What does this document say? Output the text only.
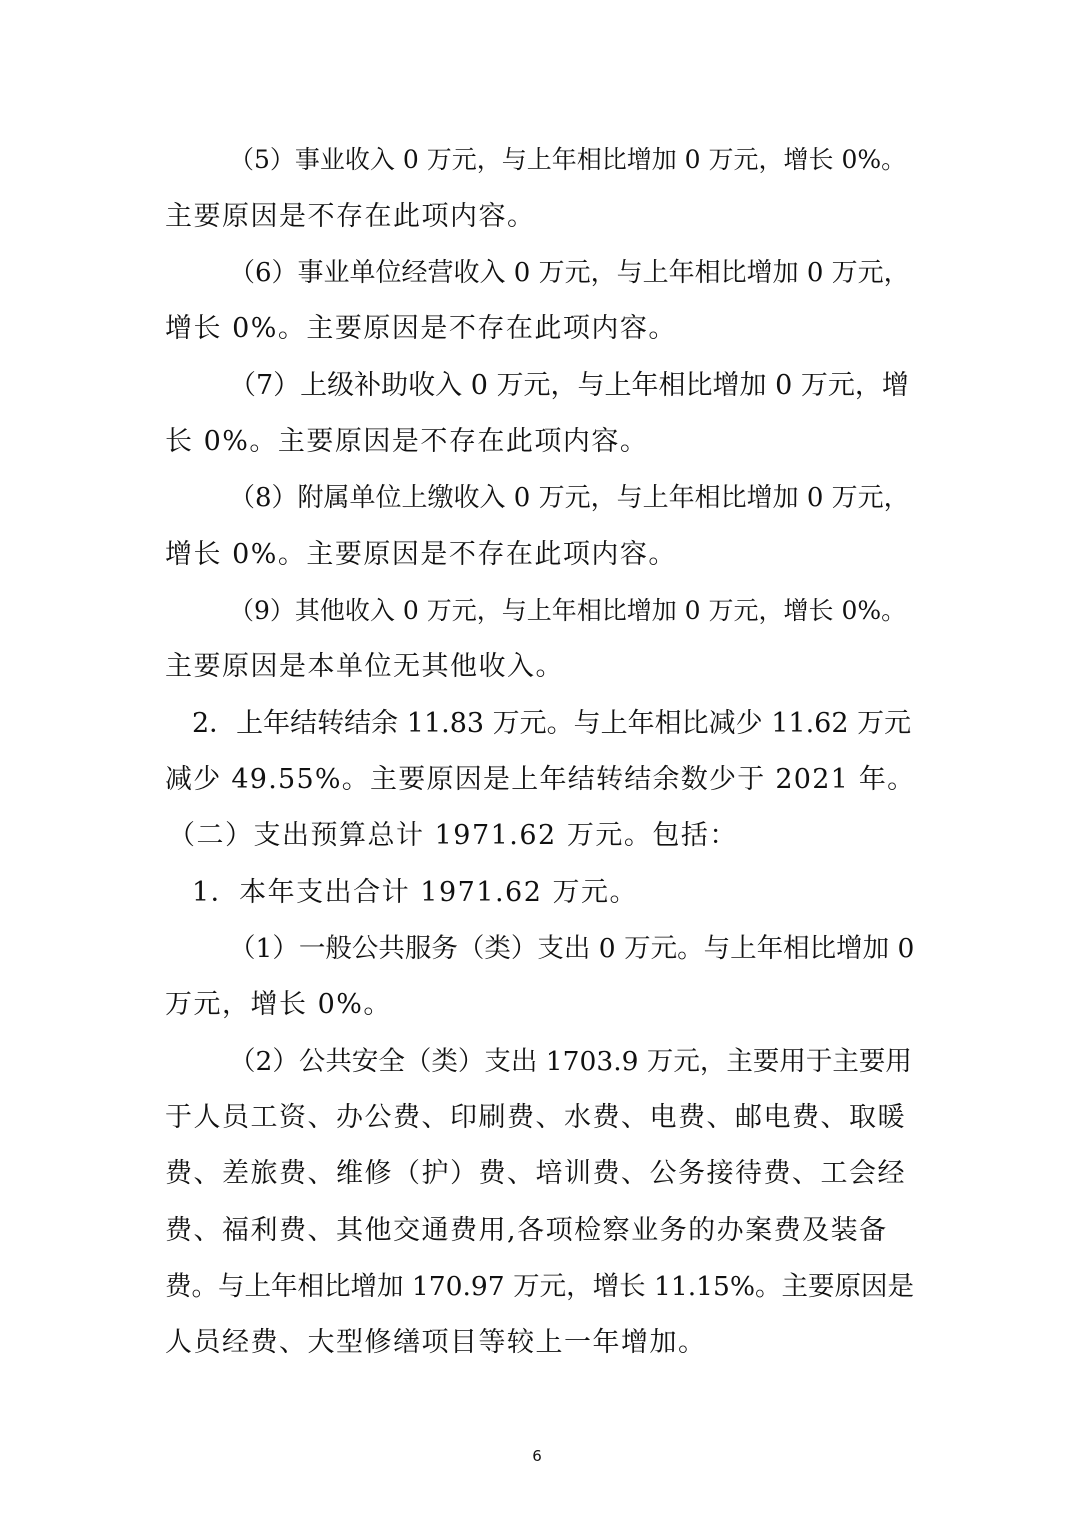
（5）事业收入 0 万元，与上年相比增加 0 万元，增长 0%。
主要原因是不存在此项内容。
（6）事业单位经营收入 0 万元，与上年相比增加 0 万元，
增长 0%。主要原因是不存在此项内容。
（7）上级补助收入 0 万元，与上年相比增加 0 万元，增
长 0%。主要原因是不存在此项内容。
（8）附属单位上缴收入 0 万元，与上年相比增加 0 万元，
增长 0%。主要原因是不存在此项内容。
（9）其他收入 0 万元，与上年相比增加 0 万元，增长 0%。
主要原因是本单位无其他收入。
2．上年结转结余 11.83 万元。与上年相比减少 11.62 万元
减少 49.55%。主要原因是上年结转结余数少于 2021 年。
（二）支出预算总计 1971.62 万元。包括：
1．本年支出合计 1971.62 万元。
（1）一般公共服务（类）支出 0 万元。与上年相比增加 0
万元，增长 0%。
（2）公共安全（类）支出 1703.9 万元，主要用于主要用
于人员工资、办公费、印刷费、水费、电费、邮电费、取暖
费、差旅费、维修（护）费、培训费、公务接待费、工会经
费、福利费、其他交通费用,各项检察业务的办案费及装备
费。与上年相比增加 170.97 万元，增长 11.15%。主要原因是
人员经费、大型修缮项目等较上一年增加。
6
